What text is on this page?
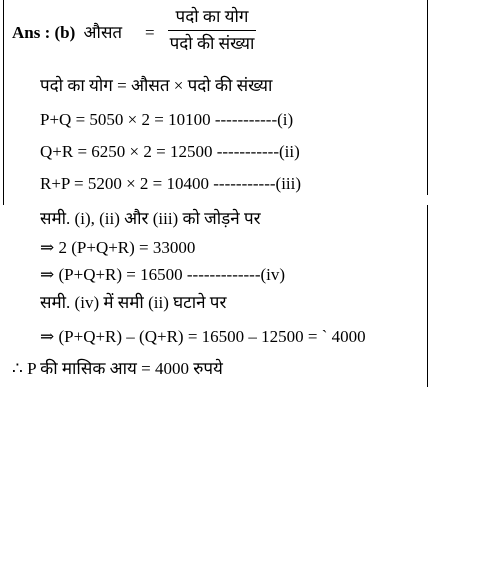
Ans : (b) औसत =
पदो का योग
पदो की संख्या
पदो का योग = औसत × पदो की संख्या
P+Q = 5050 × 2 = 10100 -----------(i)
Q+R = 6250 × 2 = 12500 -----------(ii)
R+P = 5200 × 2 = 10400 -----------(iii)
समी. (i), (ii) और (iii) को जोड़ने पर
⇒ 2 (P+Q+R) = 33000
⇒ (P+Q+R) = 16500 -------------(iv)
समी. (iv) में समी (ii) घटाने पर
⇒ (P+Q+R) – (Q+R) = 16500 – 12500 = ` 4000
∴ P की मासिक आय = 4000 रुपये
